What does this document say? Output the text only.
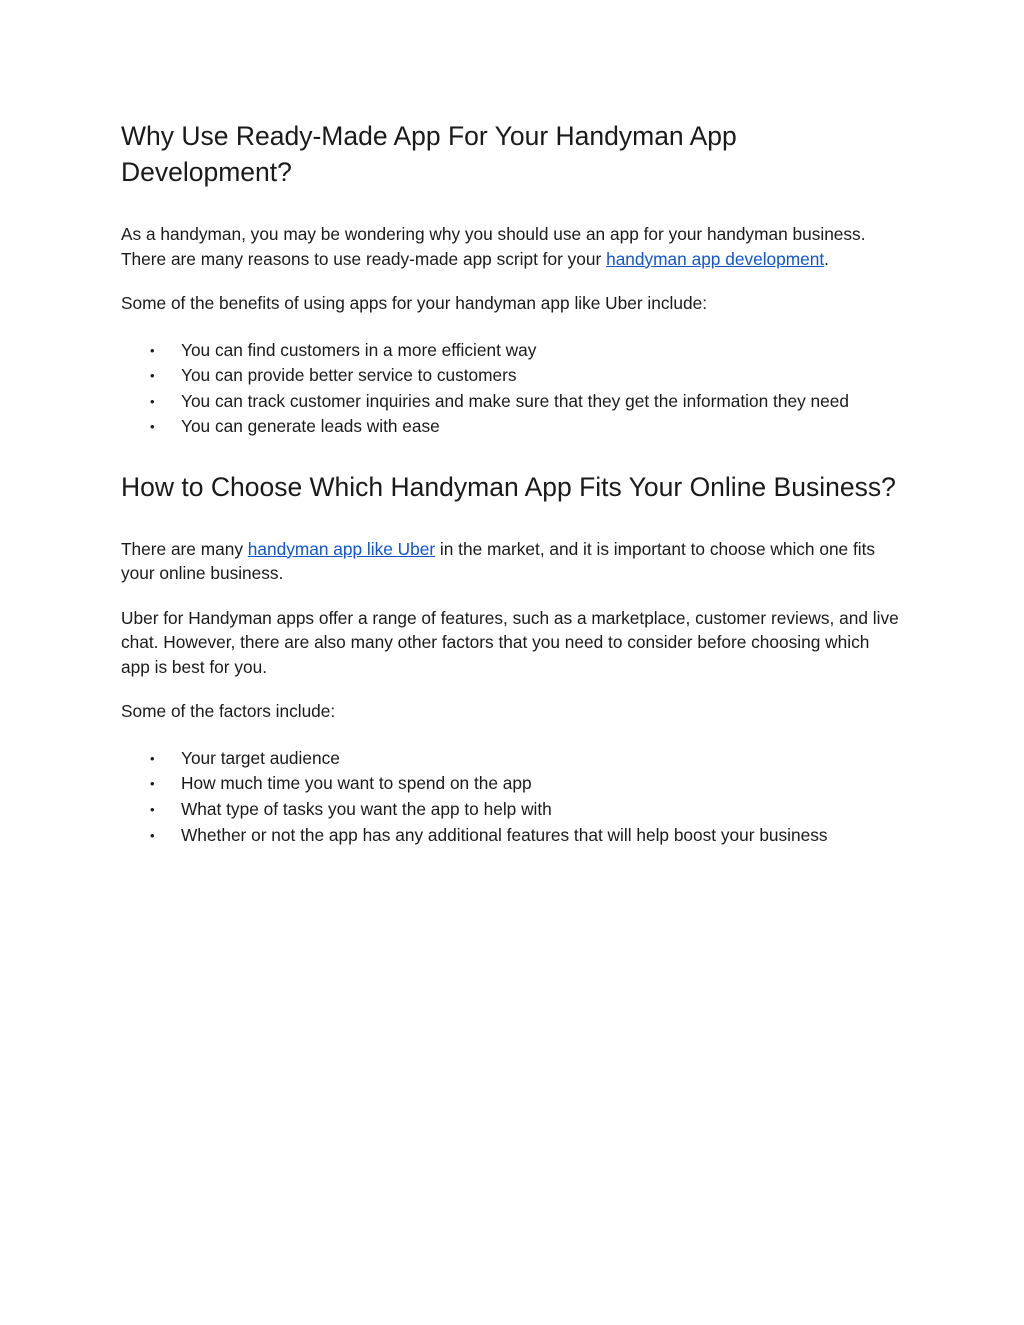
Why Use Ready-Made App For Your Handyman App Development?

As a handyman, you may be wondering why you should use an app for your handyman business. There are many reasons to use ready-made app script for your handyman app development.

Some of the benefits of using apps for your handyman app like Uber include:

• You can find customers in a more efficient way
• You can provide better service to customers
• You can track customer inquiries and make sure that they get the information they need
• You can generate leads with ease
How to Choose Which Handyman App Fits Your Online Business?

There are many handyman app like Uber in the market, and it is important to choose which one fits your online business.

Uber for Handyman apps offer a range of features, such as a marketplace, customer reviews, and live chat. However, there are also many other factors that you need to consider before choosing which app is best for you.

Some of the factors include:

• Your target audience
• How much time you want to spend on the app
• What type of tasks you want the app to help with
• Whether or not the app has any additional features that will help boost your business
